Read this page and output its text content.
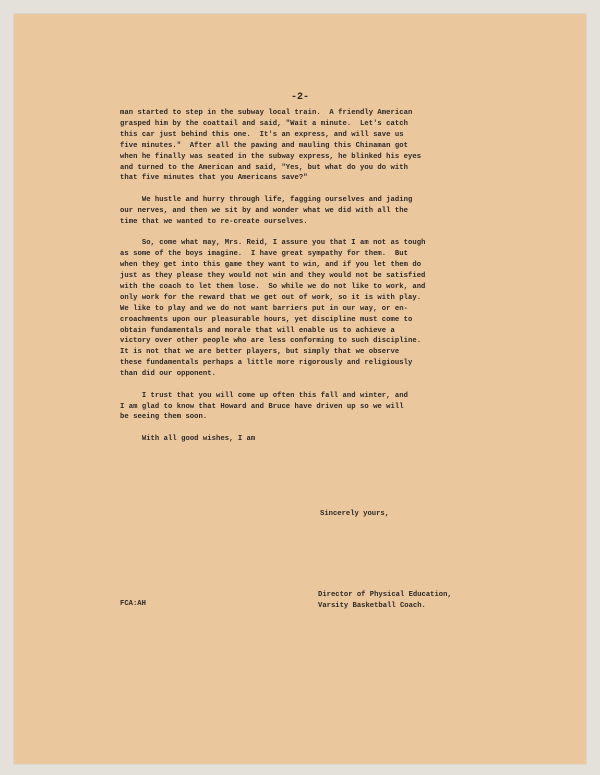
-2-

man started to step in the subway local train.  A friendly American
grasped him by the coattail and said, "Wait a minute.  Let's catch
this car just behind this one.  It's an express, and will save us
five minutes."  After all the pawing and mauling this Chinaman got
when he finally was seated in the subway express, he blinked his eyes
and turned to the American and said, "Yes, but what do you do with
that five minutes that you Americans save?"

We hustle and hurry through life, fagging ourselves and jading
our nerves, and then we sit by and wonder what we did with all the
time that we wanted to re-create ourselves.

So, come what may, Mrs. Reid, I assure you that I am not as tough
as some of the boys imagine.  I have great sympathy for them.  But
when they get into this game they want to win, and if you let them do
just as they please they would not win and they would not be satisfied
with the coach to let them lose.  So while we do not like to work, and
only work for the reward that we get out of work, so it is with play.
We like to play and we do not want barriers put in our way, or en-
croachments upon our pleasurable hours, yet discipline must come to
obtain fundamentals and morale that will enable us to achieve a
victory over other people who are less conforming to such discipline.
It is not that we are better players, but simply that we observe
these fundamentals perhaps a little more rigorously and religiously
than did our opponent.

I trust that you will come up often this fall and winter, and
I am glad to know that Howard and Bruce have driven up so we will
be seeing them soon.

With all good wishes, I am

Sincerely yours,
Director of Physical Education,
Varsity Basketball Coach.
FCA:AH
